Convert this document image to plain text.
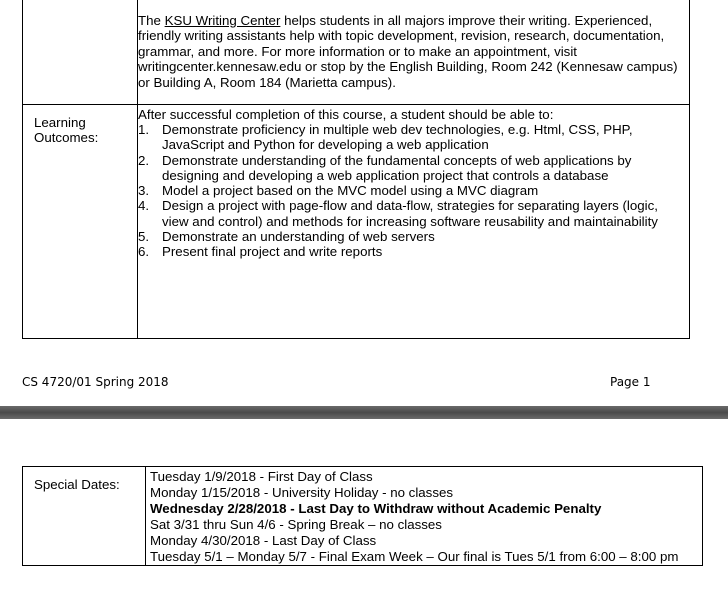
The KSU Writing Center helps students in all majors improve their writing. Experienced, friendly writing assistants help with topic development, revision, research, documentation, grammar, and more. For more information or to make an appointment, visit writingcenter.kennesaw.edu or stop by the English Building, Room 242 (Kennesaw campus) or Building A, Room 184 (Marietta campus).
Learning
Outcomes:
After successful completion of this course, a student should be able to:
1. Demonstrate proficiency in multiple web dev technologies, e.g. Html, CSS, PHP, JavaScript and Python for developing a web application
2. Demonstrate understanding of the fundamental concepts of web applications by designing and developing a web application project that controls a database
3. Model a project based on the MVC model using a MVC diagram
4. Design a project with page-flow and data-flow, strategies for separating layers (logic, view and control) and methods for increasing software reusability and maintainability
5. Demonstrate an understanding of web servers
6. Present final project and write reports
CS 4720/01 Spring 2018	Page 1
Special Dates:
Tuesday 1/9/2018 - First Day of Class
Monday 1/15/2018 - University Holiday - no classes
Wednesday 2/28/2018 - Last Day to Withdraw without Academic Penalty
Sat 3/31 thru Sun 4/6 - Spring Break – no classes
Monday 4/30/2018 - Last Day of Class
Tuesday 5/1 – Monday 5/7 - Final Exam Week – Our final is Tues 5/1 from 6:00 – 8:00 pm
